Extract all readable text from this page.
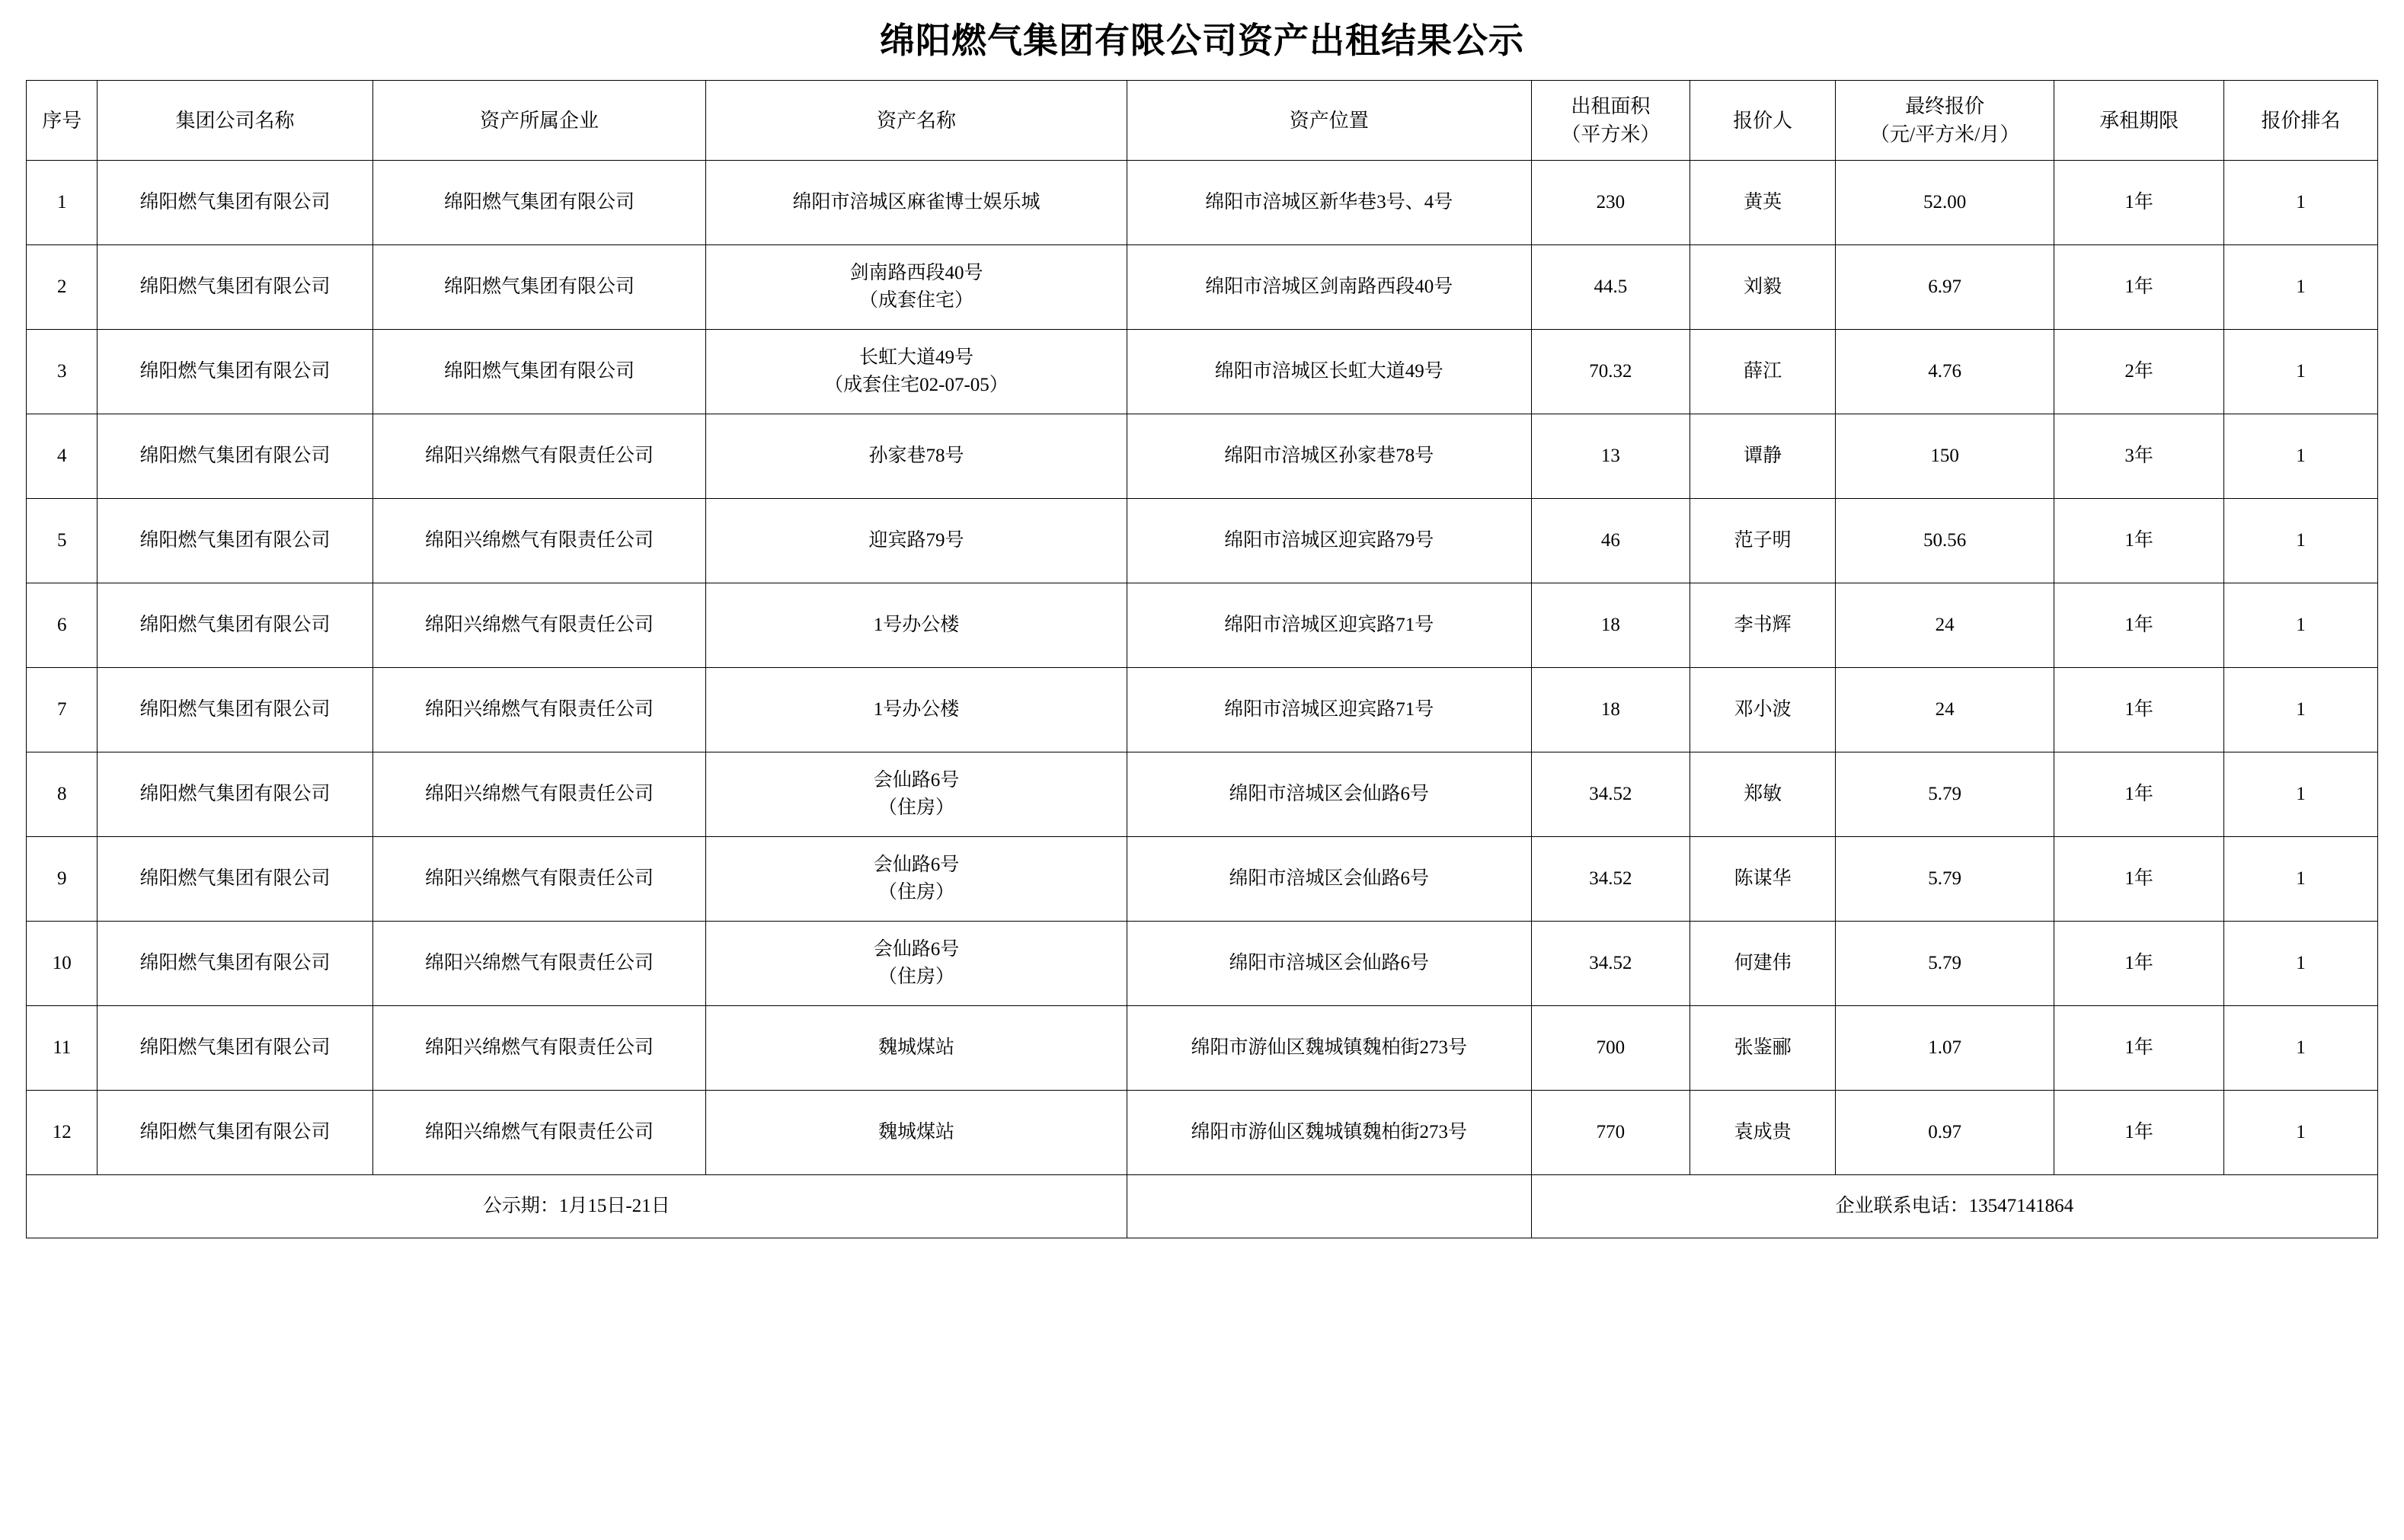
绵阳燃气集团有限公司资产出租结果公示
序号	集团公司名称	资产所属企业	资产名称	资产位置	出租面积
（平方米）	报价人	最终报价
（元/平方米/月）	承租期限	报价排名
1	绵阳燃气集团有限公司	绵阳燃气集团有限公司	绵阳市涪城区麻雀博士娱乐城	绵阳市涪城区新华巷3号、4号	230	黄英	52.00	1年	1
2	绵阳燃气集团有限公司	绵阳燃气集团有限公司	剑南路西段40号
（成套住宅）	绵阳市涪城区剑南路西段40号	44.5	刘毅	6.97	1年	1
3	绵阳燃气集团有限公司	绵阳燃气集团有限公司	长虹大道49号
（成套住宅02-07-05）	绵阳市涪城区长虹大道49号	70.32	薛江	4.76	2年	1
4	绵阳燃气集团有限公司	绵阳兴绵燃气有限责任公司	孙家巷78号	绵阳市涪城区孙家巷78号	13	谭静	150	3年	1
5	绵阳燃气集团有限公司	绵阳兴绵燃气有限责任公司	迎宾路79号	绵阳市涪城区迎宾路79号	46	范子明	50.56	1年	1
6	绵阳燃气集团有限公司	绵阳兴绵燃气有限责任公司	1号办公楼	绵阳市涪城区迎宾路71号	18	李书辉	24	1年	1
7	绵阳燃气集团有限公司	绵阳兴绵燃气有限责任公司	1号办公楼	绵阳市涪城区迎宾路71号	18	邓小波	24	1年	1
8	绵阳燃气集团有限公司	绵阳兴绵燃气有限责任公司	会仙路6号
（住房）	绵阳市涪城区会仙路6号	34.52	郑敏	5.79	1年	1
9	绵阳燃气集团有限公司	绵阳兴绵燃气有限责任公司	会仙路6号
（住房）	绵阳市涪城区会仙路6号	34.52	陈谋华	5.79	1年	1
10	绵阳燃气集团有限公司	绵阳兴绵燃气有限责任公司	会仙路6号
（住房）	绵阳市涪城区会仙路6号	34.52	何建伟	5.79	1年	1
11	绵阳燃气集团有限公司	绵阳兴绵燃气有限责任公司	魏城煤站	绵阳市游仙区魏城镇魏柏街273号	700	张鉴郦	1.07	1年	1
12	绵阳燃气集团有限公司	绵阳兴绵燃气有限责任公司	魏城煤站	绵阳市游仙区魏城镇魏柏街273号	770	袁成贵	0.97	1年	1
公示期：1月15日-21日					企业联系电话：13547141864				
